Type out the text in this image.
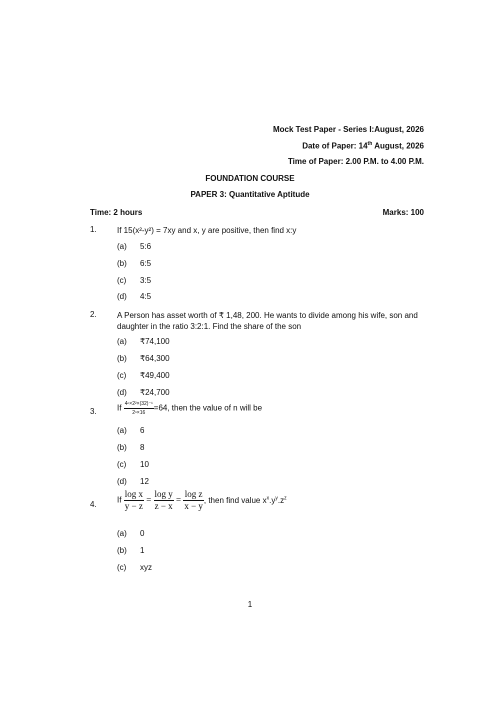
Mock Test Paper - Series I:August, 2026
Date of Paper: 14th August, 2026
Time of Paper: 2.00 P.M. to 4.00 P.M.
FOUNDATION COURSE
PAPER 3: Quantitative Aptitude
Time: 2 hours	Marks: 100
1.	If 15(x²-y²) = 7xy and x, y are positive, then find x:y
(a) 5:6
(b) 6:5
(c) 3:5
(d) 4:5
2.	A Person has asset worth of ₹ 1,48, 200. He wants to divide among his wife, son and daughter in the ratio 3:2:1. Find the share of the son
(a) ₹74,100
(b) ₹64,300
(c) ₹49,400
(d) ₹24,700
3.	If $\frac{\text{4ⁿ×2²×(32)⁻¹}}{\text{2ⁿ×16}} =64$, then the value of n will be
(a) 6
(b) 8
(c) 10
(d) 12
4.	If $\frac{\text{log x}}{y - z} = \frac{\text{log y}}{z - x} = \frac{\text{log z}}{x - y}$ , then find value $x^x.y^y.z^z$
(a) 0
(b) 1
(c) xyz
1
